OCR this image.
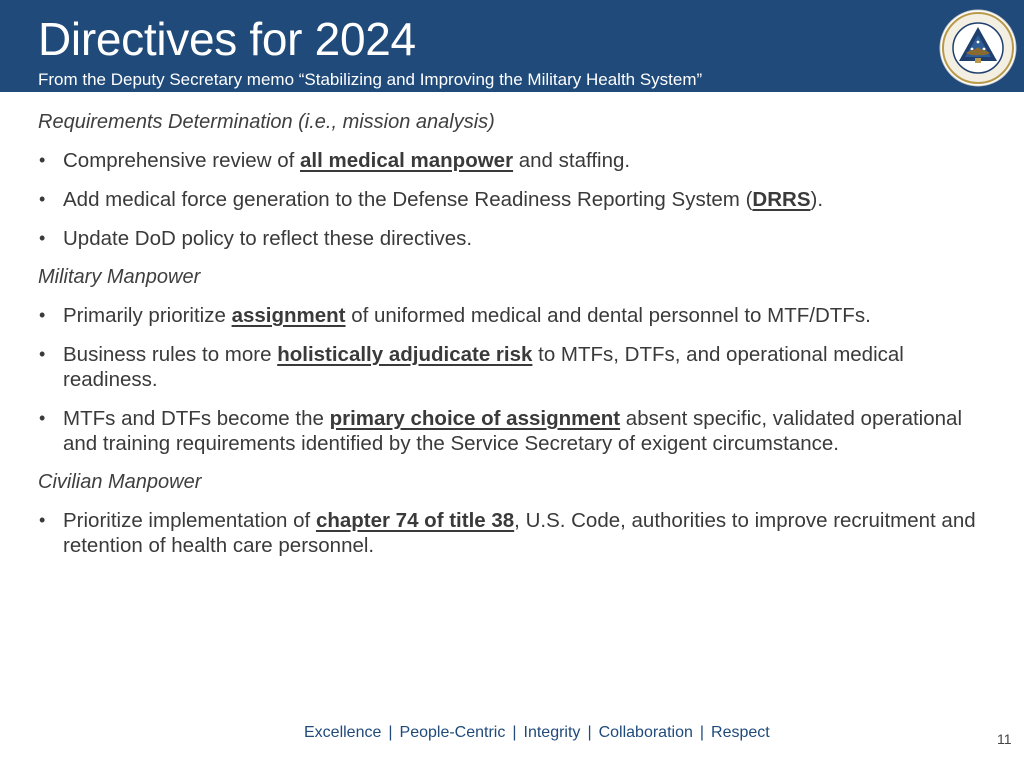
Directives for 2024
From the Deputy Secretary memo “Stabilizing and Improving the Military Health System”
Requirements Determination (i.e., mission analysis)
• Comprehensive review of all medical manpower and staffing.
• Add medical force generation to the Defense Readiness Reporting System (DRRS).
• Update DoD policy to reflect these directives.
Military Manpower
• Primarily prioritize assignment of uniformed medical and dental personnel to MTF/DTFs.
• Business rules to more holistically adjudicate risk to MTFs, DTFs, and operational medical readiness.
• MTFs and DTFs become the primary choice of assignment absent specific, validated operational and training requirements identified by the Service Secretary of exigent circumstance.
Civilian Manpower
• Prioritize implementation of chapter 74 of title 38, U.S. Code, authorities to improve recruitment and retention of health care personnel.
Excellence | People-Centric | Integrity | Collaboration | Respect	11
